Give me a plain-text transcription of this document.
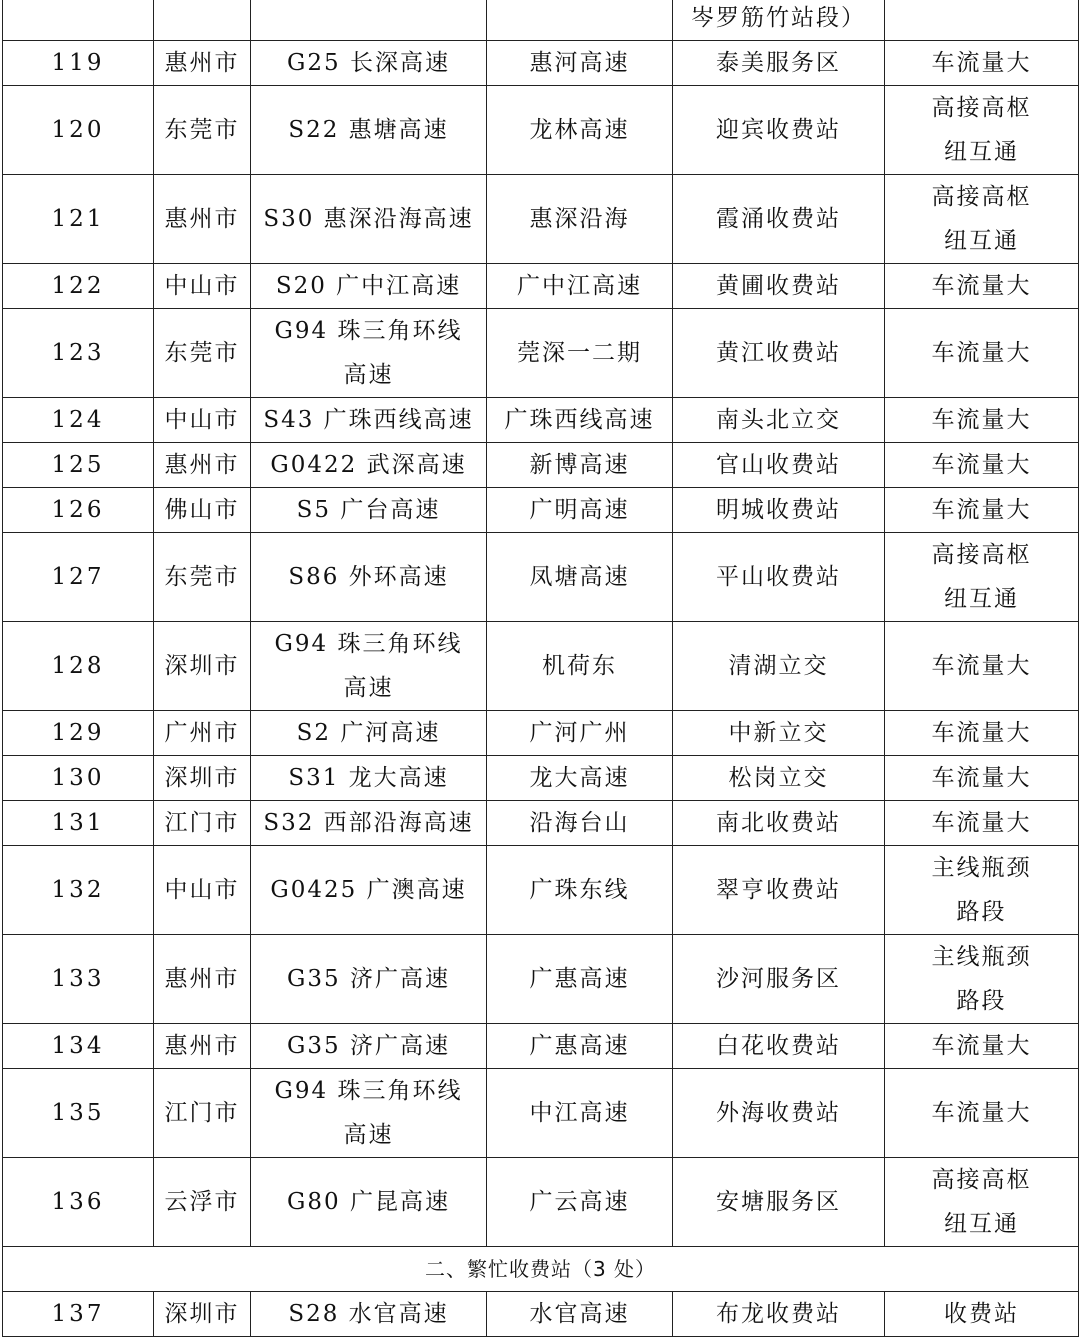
				岑罗筋竹站段）	
119	惠州市	G25 长深高速	惠河高速	泰美服务区	车流量大
120	东莞市	S22 惠塘高速	龙林高速	迎宾收费站	高接高枢纽互通
121	惠州市	S30 惠深沿海高速	惠深沿海	霞涌收费站	高接高枢纽互通
122	中山市	S20 广中江高速	广中江高速	黄圃收费站	车流量大
123	东莞市	G94 珠三角环线高速	莞深一二期	黄江收费站	车流量大
124	中山市	S43 广珠西线高速	广珠西线高速	南头北立交	车流量大
125	惠州市	G0422 武深高速	新博高速	官山收费站	车流量大
126	佛山市	S5 广台高速	广明高速	明城收费站	车流量大
127	东莞市	S86 外环高速	凤塘高速	平山收费站	高接高枢纽互通
128	深圳市	G94 珠三角环线高速	机荷东	清湖立交	车流量大
129	广州市	S2 广河高速	广河广州	中新立交	车流量大
130	深圳市	S31 龙大高速	龙大高速	松岗立交	车流量大
131	江门市	S32 西部沿海高速	沿海台山	南北收费站	车流量大
132	中山市	G0425 广澳高速	广珠东线	翠亨收费站	主线瓶颈路段
133	惠州市	G35 济广高速	广惠高速	沙河服务区	主线瓶颈路段
134	惠州市	G35 济广高速	广惠高速	白花收费站	车流量大
135	江门市	G94 珠三角环线高速	中江高速	外海收费站	车流量大
136	云浮市	G80 广昆高速	广云高速	安塘服务区	高接高枢纽互通
二、繁忙收费站（3 处）					
137	深圳市	S28 水官高速	水官高速	布龙收费站	收费站
